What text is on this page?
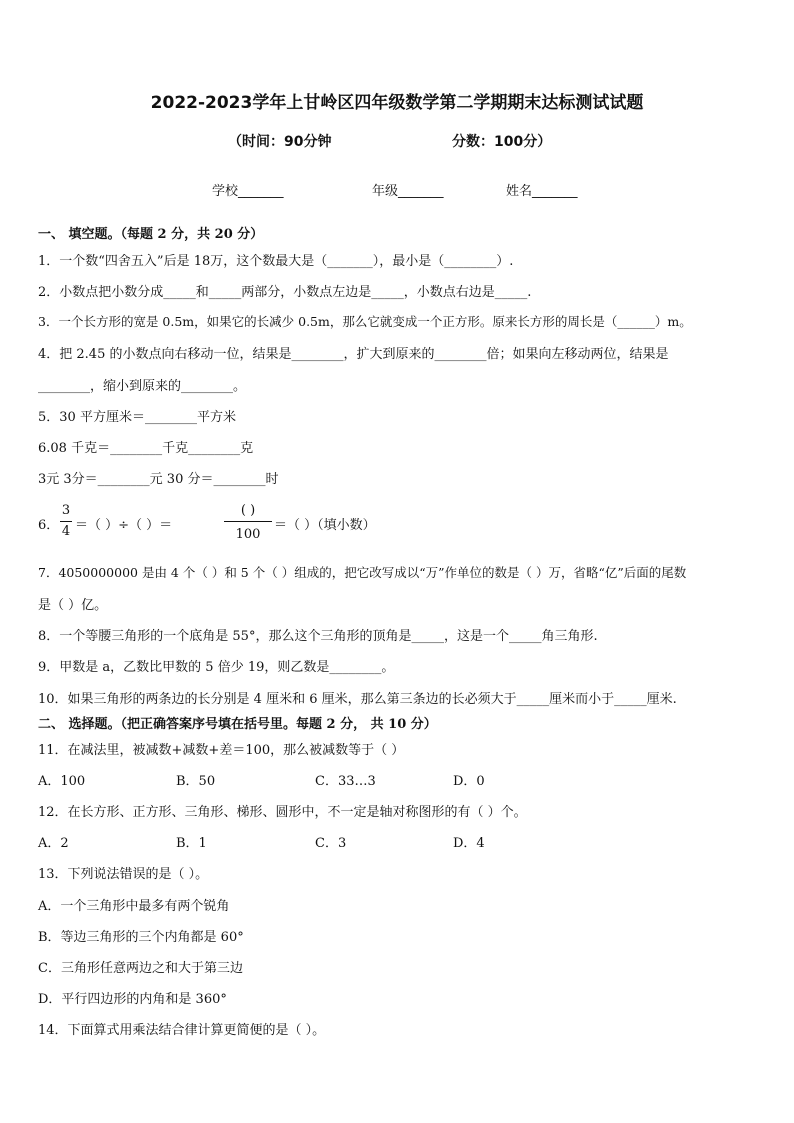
2022-2023学年上甘岭区四年级数学第二学期期末达标测试试题
（时间：90分钟	分数：100分）
学校_______	年级_______	姓名_______
一、 填空题。（每题 2 分，共 20 分）
1．一个数“四舍五入”后是 18万，这个数最大是（_______），最小是（________）.
2．小数点把小数分成_____和_____两部分，小数点左边是_____，小数点右边是_____.
3．一个长方形的宽是 0.5m，如果它的长减少 0.5m，那么它就变成一个正方形。原来长方形的周长是（______）m。
4．把 2.45 的小数点向右移动一位，结果是________，扩大到原来的________倍；如果向左移动两位，结果是
________，缩小到原来的________。
5．30 平方厘米＝________平方米
6.08 千克＝________千克________克
3元 3分＝________元 30 分＝________时
6．
3
4 ＝（ ）÷（ ）＝
( )
100
＝（ ）（填小数）
7．4050000000 是由 4 个（ ）和 5 个（ ）组成的，把它改写成以“万”作单位的数是（ ）万，省略“亿”后面的尾数
是（ ）亿。
8．一个等腰三角形的一个底角是 55°，那么这个三角形的顶角是_____，这是一个_____角三角形.
9．甲数是 a，乙数比甲数的 5 倍少 19，则乙数是________。
10．如果三角形的两条边的长分别是 4 厘米和 6 厘米，那么第三条边的长必须大于_____厘米而小于_____厘米.
二、 选择题。（把正确答案序号填在括号里。每题 2 分， 共 10 分）
11．在减法里，被减数+减数+差＝100，那么被减数等于（ ）
A．100	B．50	C．33…3	D．0
12．在长方形、正方形、三角形、梯形、圆形中，不一定是轴对称图形的有（ ）个。
A．2	B．1	C．3	D．4
13．下列说法错误的是（ ）。
A．一个三角形中最多有两个锐角
B．等边三角形的三个内角都是 60°
C．三角形任意两边之和大于第三边
D．平行四边形的内角和是 360°
14．下面算式用乘法结合律计算更简便的是（ ）。
